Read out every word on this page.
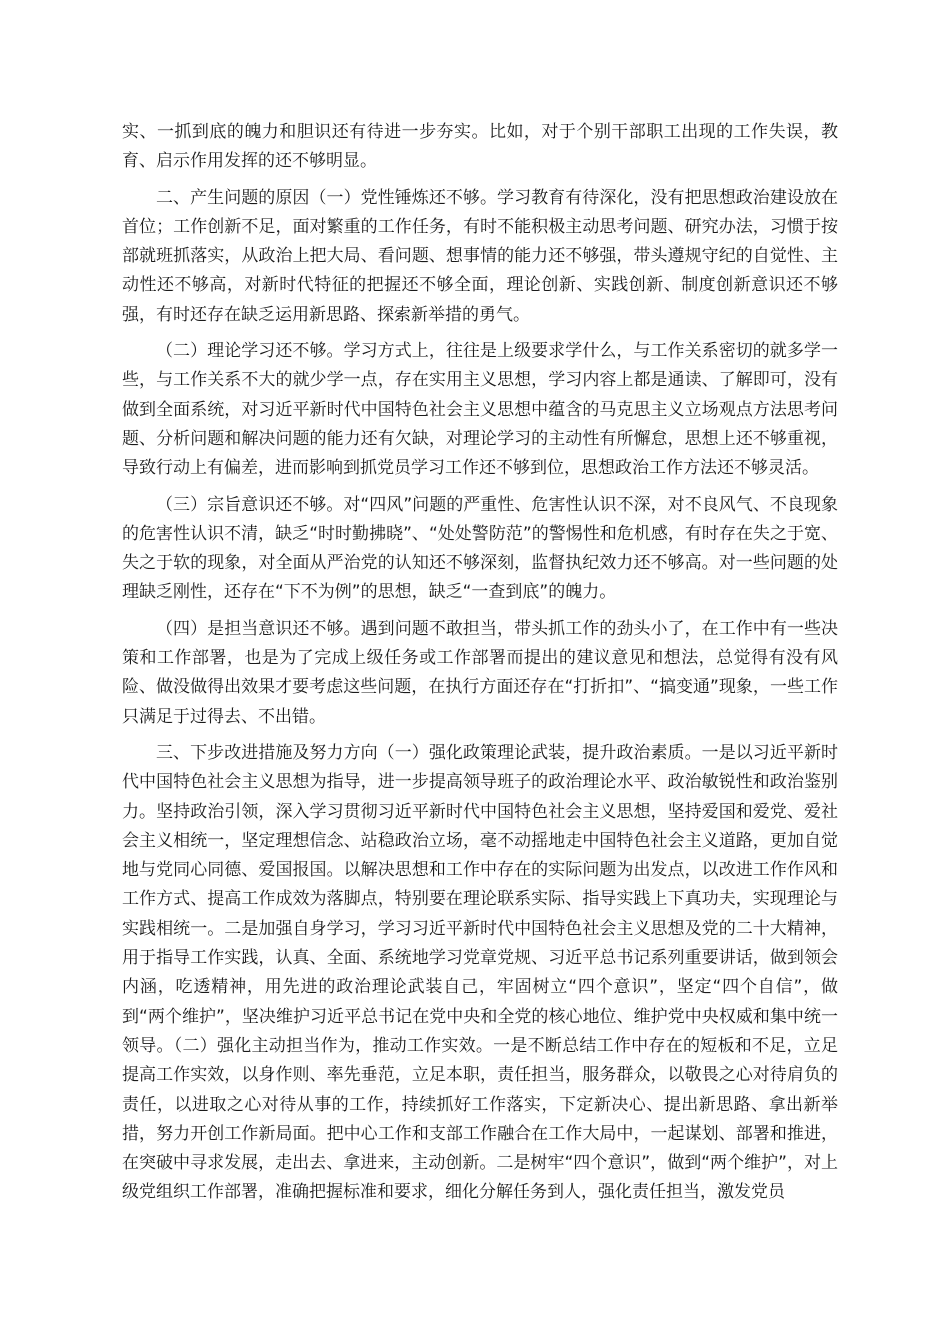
实、一抓到底的魄力和胆识还有待进一步夯实。比如，对于个别干部职工出现的工作失误，教育、启示作用发挥的还不够明显。

二、产生问题的原因（一）党性锤炼还不够。学习教育有待深化，没有把思想政治建设放在首位；工作创新不足，面对繁重的工作任务，有时不能积极主动思考问题、研究办法，习惯于按部就班抓落实，从政治上把大局、看问题、想事情的能力还不够强，带头遵规守纪的自觉性、主动性还不够高，对新时代特征的把握还不够全面，理论创新、实践创新、制度创新意识还不够强，有时还存在缺乏运用新思路、探索新举措的勇气。

（二）理论学习还不够。学习方式上，往往是上级要求学什么，与工作关系密切的就多学一些，与工作关系不大的就少学一点，存在实用主义思想，学习内容上都是通读、了解即可，没有做到全面系统，对习近平新时代中国特色社会主义思想中蕴含的马克思主义立场观点方法思考问题、分析问题和解决问题的能力还有欠缺，对理论学习的主动性有所懈怠，思想上还不够重视，导致行动上有偏差，进而影响到抓党员学习工作还不够到位，思想政治工作方法还不够灵活。

（三）宗旨意识还不够。对“四风”问题的严重性、危害性认识不深，对不良风气、不良现象的危害性认识不清，缺乏“时时勤拂晓”、“处处警防范”的警惕性和危机感，有时存在失之于宽、失之于软的现象，对全面从严治党的认知还不够深刻，监督执纪效力还不够高。对一些问题的处理缺乏刚性，还存在“下不为例”的思想，缺乏“一查到底”的魄力。

（四）是担当意识还不够。遇到问题不敢担当，带头抓工作的劲头小了，在工作中有一些决策和工作部署，也是为了完成上级任务或工作部署而提出的建议意见和想法，总觉得有没有风险、做没做得出效果才要考虑这些问题，在执行方面还存在“打折扣”、“搞变通”现象，一些工作只满足于过得去、不出错。

三、下步改进措施及努力方向（一）强化政策理论武装，提升政治素质。一是以习近平新时代中国特色社会主义思想为指导，进一步提高领导班子的政治理论水平、政治敏锐性和政治鉴别力。坚持政治引领，深入学习贯彻习近平新时代中国特色社会主义思想，坚持爱国和爱党、爱社会主义相统一，坚定理想信念、站稳政治立场，毫不动摇地走中国特色社会主义道路，更加自觉地与党同心同德、爱国报国。以解决思想和工作中存在的实际问题为出发点，以改进工作作风和工作方式、提高工作成效为落脚点，特别要在理论联系实际、指导实践上下真功夫，实现理论与实践相统一。二是加强自身学习，学习习近平新时代中国特色社会主义思想及党的二十大精神，用于指导工作实践，认真、全面、系统地学习党章党规、习近平总书记系列重要讲话，做到领会内涵，吃透精神，用先进的政治理论武装自己，牢固树立“四个意识”，坚定“四个自信”，做到“两个维护”，坚决维护习近平总书记在党中央和全党的核心地位、维护党中央权威和集中统一领导。（二）强化主动担当作为，推动工作实效。一是不断总结工作中存在的短板和不足，立足提高工作实效，以身作则、率先垂范，立足本职，责任担当，服务群众，以敬畏之心对待肩负的责任，以进取之心对待从事的工作，持续抓好工作落实，下定新决心、提出新思路、拿出新举措，努力开创工作新局面。把中心工作和支部工作融合在工作大局中，一起谋划、部署和推进，在突破中寻求发展，走出去、拿进来，主动创新。二是树牢“四个意识”，做到“两个维护”，对上级党组织工作部署，准确把握标准和要求，细化分解任务到人，强化责任担当，激发党员
